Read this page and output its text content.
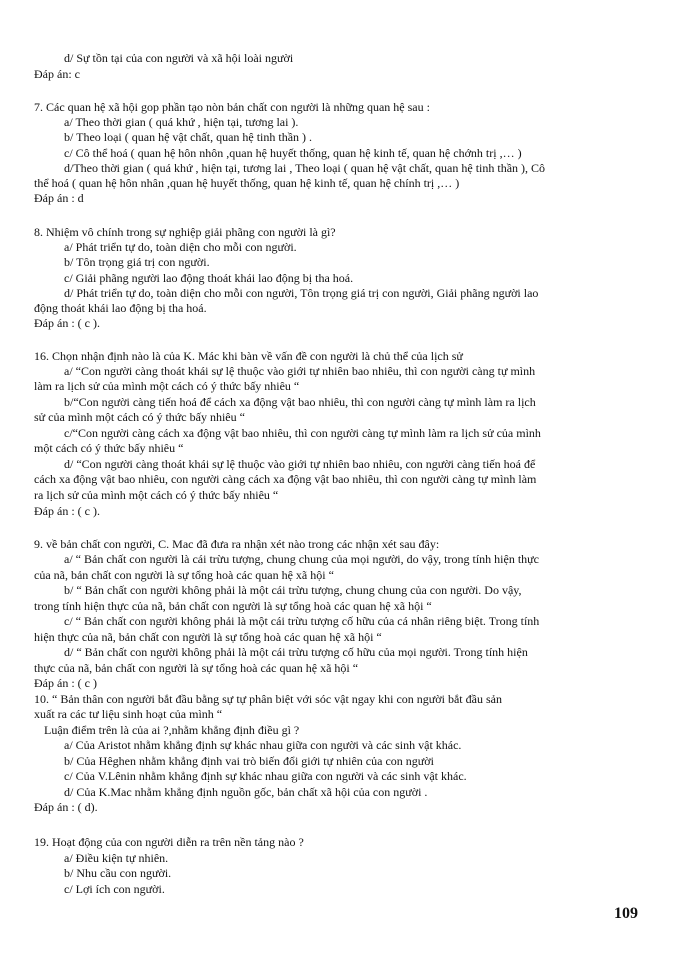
d/ Sự tồn tại của con người và xã hội loài người
Đáp án: c
7. Các quan hệ xã hội gop phần tạo nòn bản chất con người là những quan hệ sau :
a/ Theo thời gian ( quá khứ , hiện tại, tương lai ).
b/ Theo loại ( quan hệ vật chất, quan hệ tinh thần ) .
c/ Cô thể hoá ( quan hệ hôn nhôn ,quan hệ huyết thống, quan hệ kinh tế, quan hệ chớnh trị ,… )
d/Theo thời gian ( quá khứ , hiện tại, tương lai , Theo loại ( quan hệ vật chất, quan hệ tinh thần ), Cô
thể hoá ( quan hệ hôn nhân ,quan hệ huyết thống, quan hệ kinh tế, quan hệ chính trị ,… )
Đáp án : d
8. Nhiệm vô chính trong sự nghiệp giải phãng con người là gì?
a/ Phát triển tự do, toàn diện cho mỗi con người.
b/ Tôn trọng giá trị con người.
c/ Giải phãng người lao động thoát khái lao động bị tha hoá.
d/ Phát triển tự do, toàn diện cho mỗi con người, Tôn trọng giá trị con người, Giải phãng người lao
động thoát khái lao động bị tha hoá.
Đáp án : ( c ).
16. Chọn nhận định nào là của K. Mác khi bàn về vấn đề con người là chủ thể của lịch sử
a/ “Con người càng thoát khái sự lệ thuộc vào giới tự nhiên bao nhiêu, thì con người càng tự mình
làm ra lịch sử của mình một cách có ý thức bấy nhiêu “
b/“Con người càng tiến hoá để cách xa động vật bao nhiêu, thì con người càng tự mình làm ra lịch
sử của mình một cách có ý thức bấy nhiêu “
c/“Con người càng cách xa động vật bao nhiêu, thì con người càng tự mình làm ra lịch sử của mình
một cách có ý thức bấy nhiêu “
d/ “Con người càng thoát khái sự lệ thuộc vào giới tự nhiên bao nhiêu, con người càng tiến hoá để
cách xa động vật bao nhiêu, con người càng cách xa động vật bao nhiêu, thì con người càng tự mình làm
ra lịch sử của mình một cách có ý thức bấy nhiêu “
Đáp án : ( c ).
9. về bản chất con người, C. Mac đã đưa ra nhận xét nào trong các nhận xét sau đây:
a/ “ Bản chất con người là cái trừu tượng, chung chung của mọi người, do vậy, trong tính hiện thực
của nã, bản chất con người là sự tổng hoà các quan hệ xã hội “
b/ “ Bản chất con người không phải là một cái trừu tượng, chung chung của con người. Do vậy,
trong tính hiện thực của nã, bản chất con người là sự tổng hoà các quan hệ xã hội “
c/ “ Bản chất con người không phải là một cái trừu tượng cố hữu của cá nhân riêng biệt. Trong tính
hiện thực của nã, bản chất con người là sự tổng hoà các quan hệ xã hội “
d/ “ Bản chất con người không phải là một cái trừu tượng cố hữu của mọi người. Trong tính hiện
thực của nã, bản chất con người là sự tổng hoà các quan hệ xã hội “
Đáp án : ( c )
10. “ Bản thân con người bắt đầu bằng sự tự phân biệt với sóc vật ngay khi con người bắt đầu sản
xuất ra các tư liệu sinh hoạt của mình “
Luận điểm trên là của ai ?,nhằm khẳng định điều gì ?
a/ Của Aristot nhằm khẳng định sự khác nhau giữa con người và các sinh vật khác.
b/ Của Hêghen nhằm khẳng định vai trò biến đổi giới tự nhiên của con người
c/ Của V.Lênin nhằm khẳng định sự khác nhau giữa con người và các sinh vật khác.
d/ Của K.Mac nhằm khẳng định nguồn gốc, bản chất xã hội của con người .
Đáp án : ( d).
19. Hoạt động của con người diễn ra trên nền tảng nào ?
a/ Điều kiện tự nhiên.
b/ Nhu cầu con người.
c/ Lợi ích con người.
109
